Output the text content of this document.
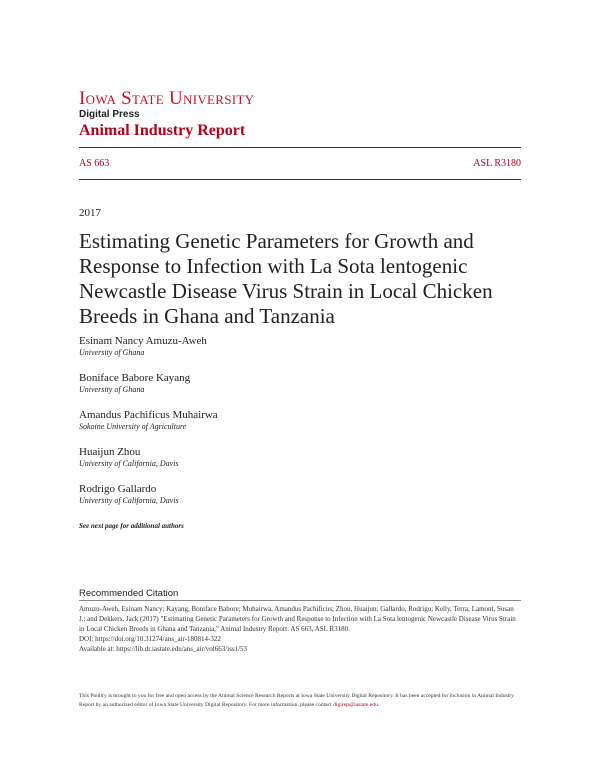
Iowa State University
Digital Press
Animal Industry Report
AS 663	ASL R3180
2017
Estimating Genetic Parameters for Growth and Response to Infection with La Sota lentogenic Newcastle Disease Virus Strain in Local Chicken Breeds in Ghana and Tanzania
Esinam Nancy Amuzu-Aweh
University of Ghana
Boniface Babore Kayang
University of Ghana
Amandus Pachificus Muhairwa
Sokoine University of Agriculture
Huaijun Zhou
University of California, Davis
Rodrigo Gallardo
University of California, Davis
See next page for additional authors
Recommended Citation
Amuzu-Aweh, Esinam Nancy; Kayang, Boniface Babore; Muhairwa, Amandus Pachificus; Zhou, Huaijun; Gallardo, Rodrigo; Kelly, Terra; Lamont, Susan J.; and Dekkers, Jack (2017) "Estimating Genetic Parameters for Growth and Response to Infection with La Sota lentogenic Newcastle Disease Virus Strain in Local Chicken Breeds in Ghana and Tanzania," Animal Industry Report: AS 663, ASL R3180.
DOI: https://doi.org/10.31274/ans_air-180814-322
Available at: https://lib.dr.iastate.edu/ans_air/vol663/iss1/53
This Poultry is brought to you for free and open access by the Animal Science Research Reports at Iowa State University Digital Repository. It has been accepted for inclusion in Animal Industry Report by an authorized editor of Iowa State University Digital Repository. For more information, please contact digirep@iastate.edu.
